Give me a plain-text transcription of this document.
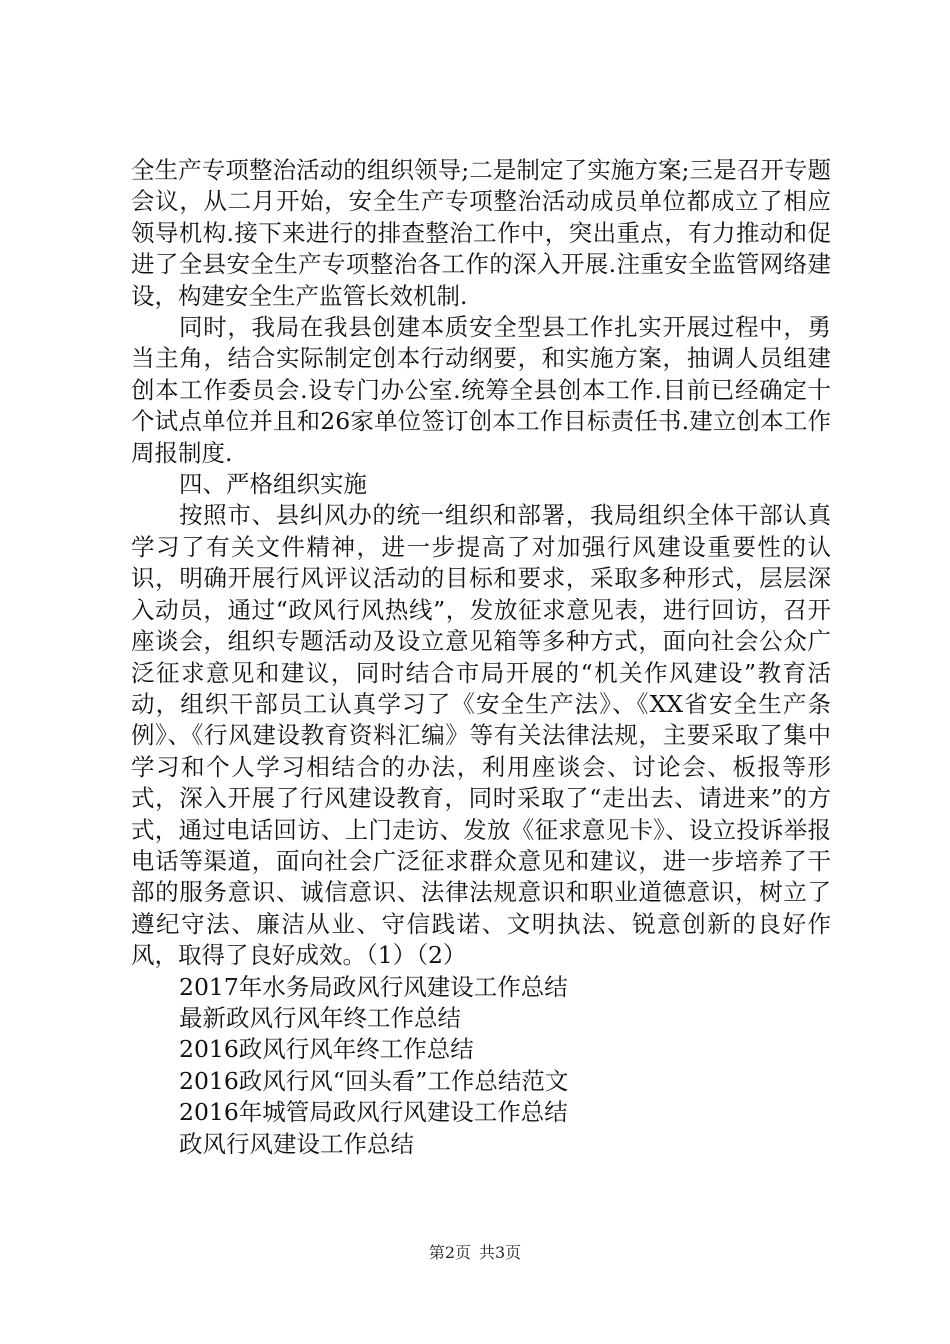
全生产专项整治活动的组织领导;二是制定了实施方案;三是召开专题会议，从二月开始，安全生产专项整治活动成员单位都成立了相应领导机构.接下来进行的排查整治工作中，突出重点，有力推动和促进了全县安全生产专项整治各工作的深入开展.注重安全监管网络建设，构建安全生产监管长效机制.

同时，我局在我县创建本质安全型县工作扎实开展过程中，勇当主角，结合实际制定创本行动纲要，和实施方案，抽调人员组建创本工作委员会.设专门办公室.统筹全县创本工作.目前已经确定十个试点单位并且和26家单位签订创本工作目标责任书.建立创本工作周报制度.

四、严格组织实施

按照市、县纠风办的统一组织和部署，我局组织全体干部认真学习了有关文件精神，进一步提高了对加强行风建设重要性的认识，明确开展行风评议活动的目标和要求，采取多种形式，层层深入动员，通过“政风行风热线”，发放征求意见表，进行回访，召开座谈会，组织专题活动及设立意见箱等多种方式，面向社会公众广泛征求意见和建议，同时结合市局开展的“机关作风建设”教育活动，组织干部员工认真学习了《安全生产法》、《XX省安全生产条例》、《行风建设教育资料汇编》等有关法律法规，主要采取了集中学习和个人学习相结合的办法，利用座谈会、讨论会、板报等形式，深入开展了行风建设教育，同时采取了“走出去、请进来”的方式，通过电话回访、上门走访、发放《征求意见卡》、设立投诉举报电话等渠道，面向社会广泛征求群众意见和建议，进一步培养了干部的服务意识、诚信意识、法律法规意识和职业道德意识，树立了遵纪守法、廉洁从业、守信践诺、文明执法、锐意创新的良好作风，取得了良好成效。（1）（2）

2017年水务局政风行风建设工作总结
最新政风行风年终工作总结
2016政风行风年终工作总结
2016政风行风“回头看”工作总结范文
2016年城管局政风行风建设工作总结
政风行风建设工作总结
第2页 共3页
